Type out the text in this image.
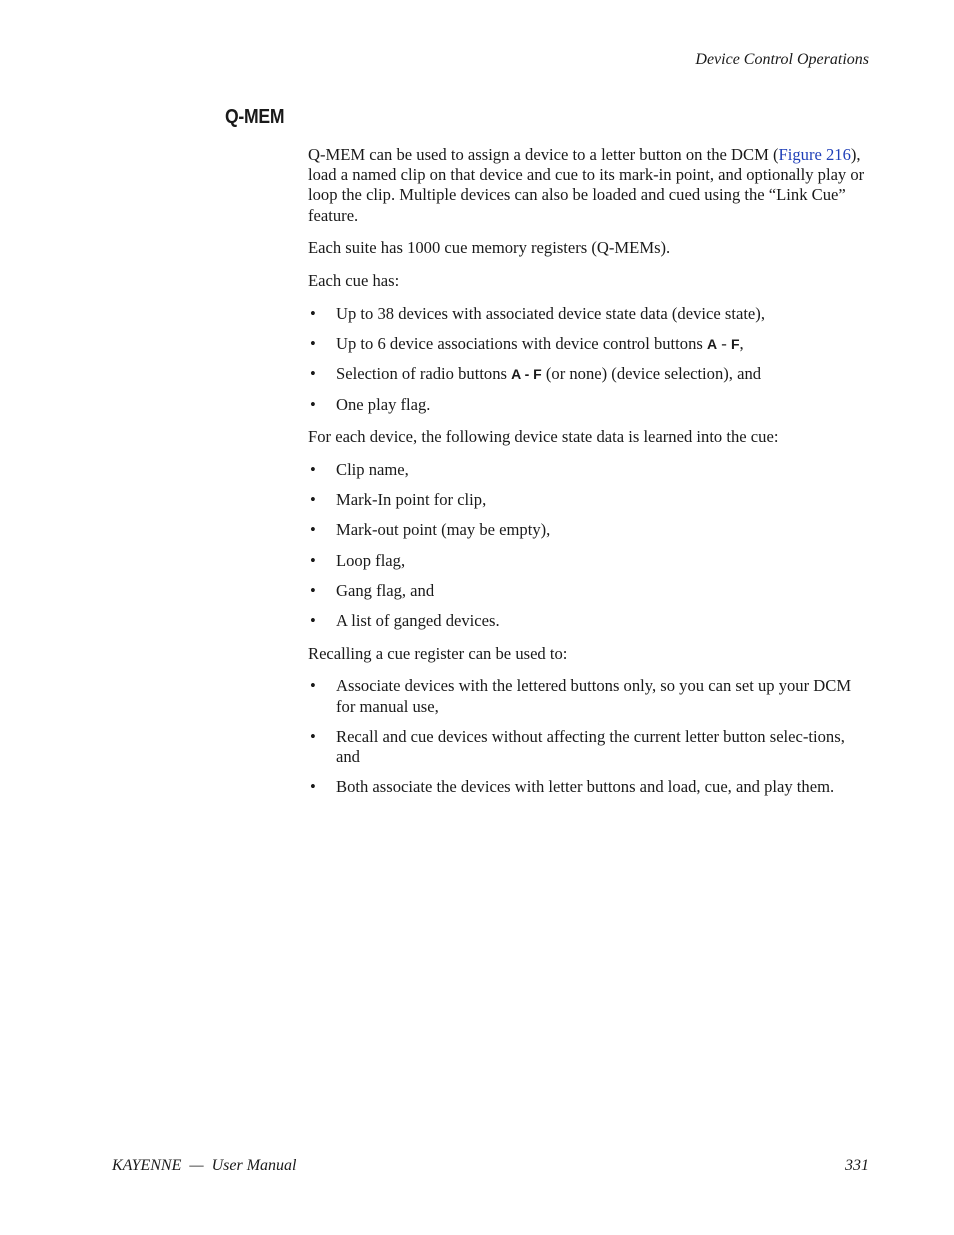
Device Control Operations
Q-MEM

Q-MEM can be used to assign a device to a letter button on the DCM (Figure 216), load a named clip on that device and cue to its mark-in point, and optionally play or loop the clip. Multiple devices can also be loaded and cued using the “Link Cue” feature.

Each suite has 1000 cue memory registers (Q-MEMs).

Each cue has:

• Up to 38 devices with associated device state data (device state),
• Up to 6 device associations with device control buttons A - F,
• Selection of radio buttons A - F (or none) (device selection), and
• One play flag.

For each device, the following device state data is learned into the cue:

• Clip name,
• Mark-In point for clip,
• Mark-out point (may be empty),
• Loop flag,
• Gang flag, and
• A list of ganged devices.

Recalling a cue register can be used to:

• Associate devices with the lettered buttons only, so you can set up your DCM for manual use,
• Recall and cue devices without affecting the current letter button selec-tions, and
• Both associate the devices with letter buttons and load, cue, and play them.
KAYENNE  —  User Manual	331
